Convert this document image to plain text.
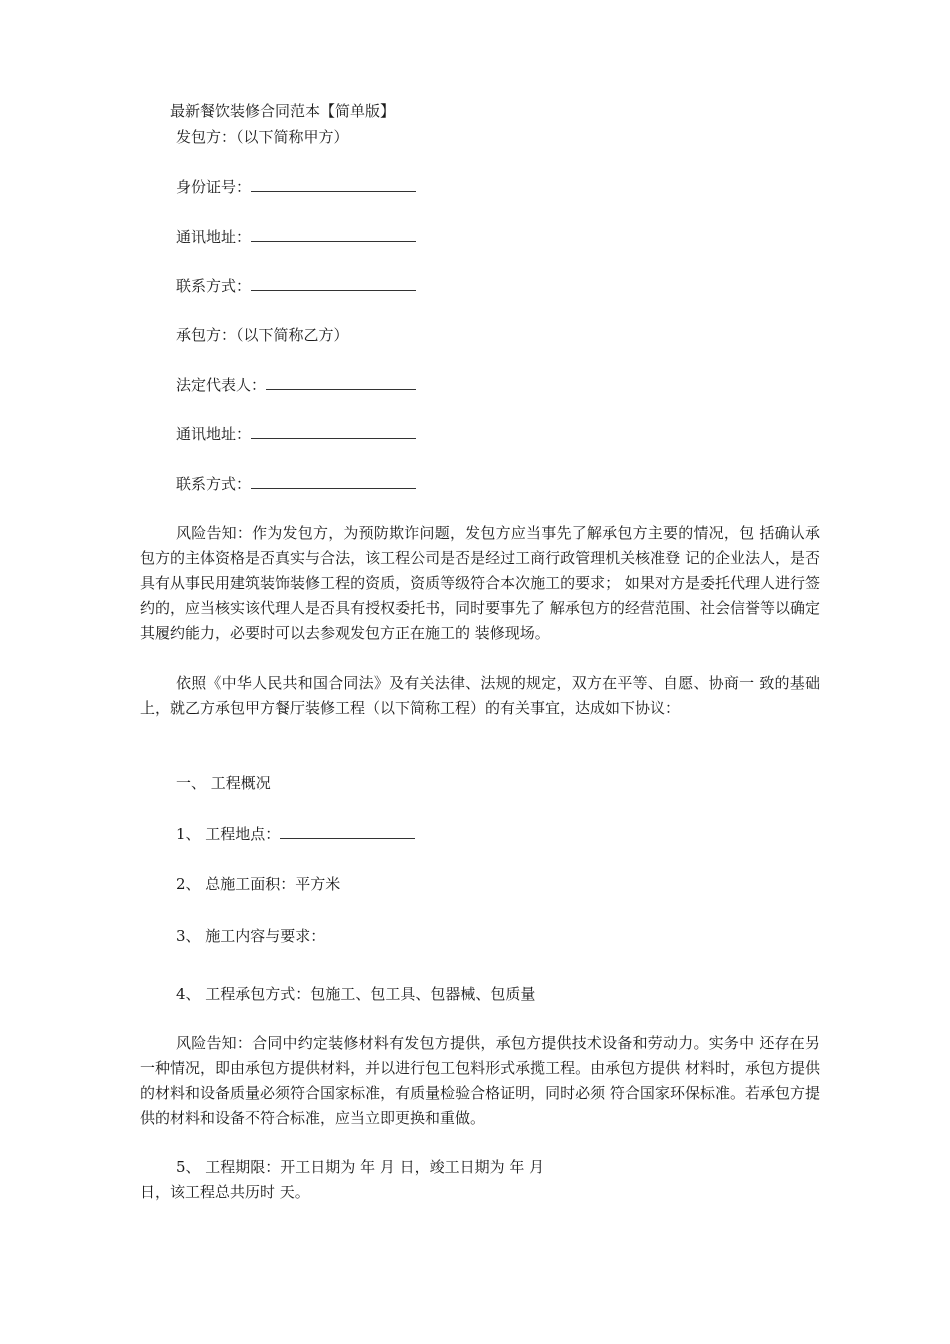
最新餐饮装修合同范本【简单版】
发包方：（以下简称甲方）
身份证号：
通讯地址：
联系方式：
承包方：（以下简称乙方）
法定代表人：
通讯地址：
联系方式：
风险告知：作为发包方，为预防欺诈问题，发包方应当事先了解承包方主要的情况，包 括确认承包方的主体资格是否真实与合法，该工程公司是否是经过工商行政管理机关核准登 记的企业法人，是否具有从事民用建筑装饰装修工程的资质，资质等级符合本次施工的要求； 如果对方是委托代理人进行签约的，应当核实该代理人是否具有授权委托书，同时要事先了 解承包方的经营范围、社会信誉等以确定其履约能力，必要时可以去参观发包方正在施工的 装修现场。
依照《中华人民共和国合同法》及有关法律、法规的规定，双方在平等、自愿、协商一 致的基础上，就乙方承包甲方餐厅装修工程（以下简称工程）的有关事宜，达成如下协议：
一、 工程概况
1、 工程地点：
2、 总施工面积：平方米
3、 施工内容与要求：
4、 工程承包方式：包施工、包工具、包器械、包质量
风险告知：合同中约定装修材料有发包方提供，承包方提供技术设备和劳动力。实务中 还存在另一种情况，即由承包方提供材料，并以进行包工包料形式承揽工程。由承包方提供 材料时，承包方提供的材料和设备质量必须符合国家标准，有质量检验合格证明，同时必须 符合国家环保标准。若承包方提供的材料和设备不符合标准，应当立即更换和重做。
5、 工程期限：开工日期为 年 月 日，竣工日期为 年 月
日，该工程总共历时 天。
